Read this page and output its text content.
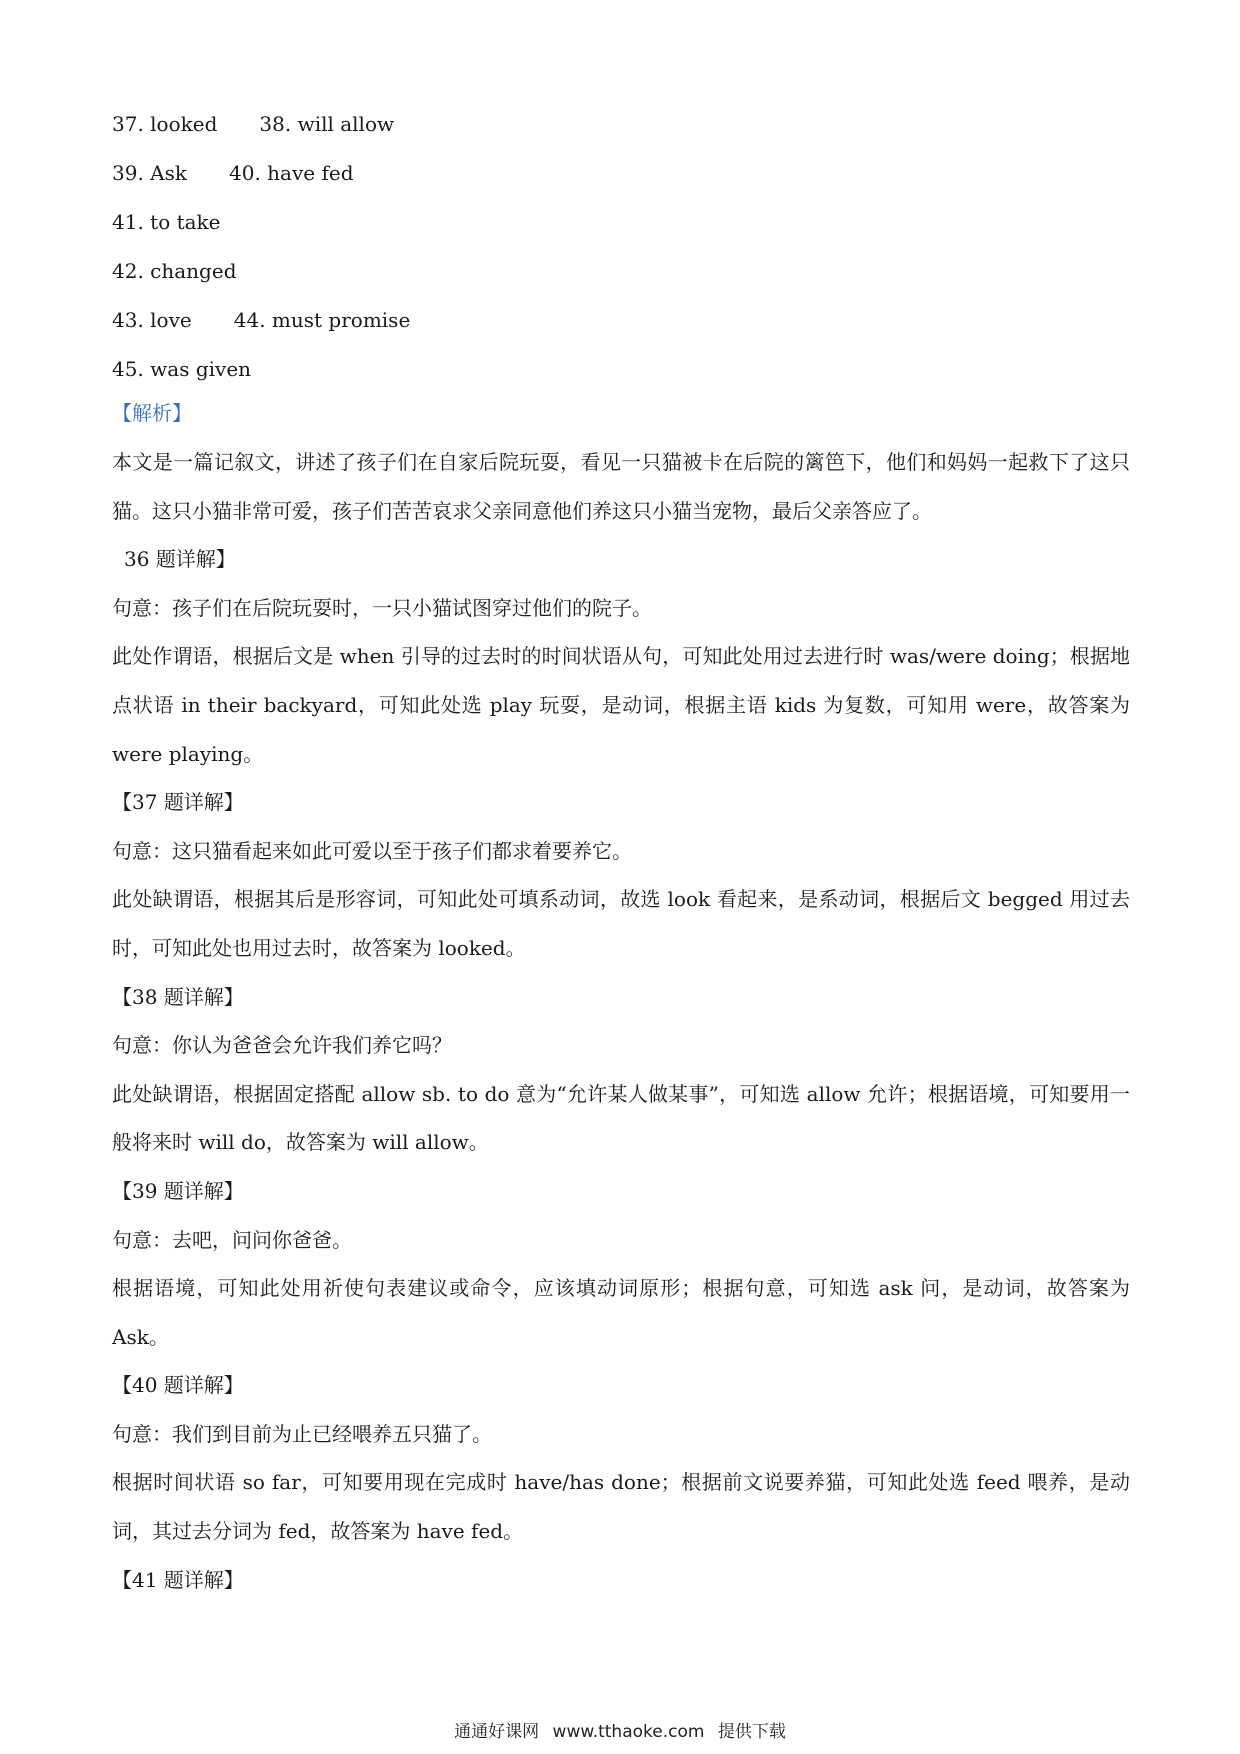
37. looked 38. will allow
39. Ask 40. have fed
41. to take
42. changed
43. love 44. must promise
45. was given
【解析】

本文是一篇记叙文，讲述了孩子们在自家后院玩耍，看见一只猫被卡在后院的篱笆下，他们和妈妈一起救下了这只猫。这只小猫非常可爱，孩子们苦苦哀求父亲同意他们养这只小猫当宠物，最后父亲答应了。

36 题详解】

句意：孩子们在后院玩耍时，一只小猫试图穿过他们的院子。

此处作谓语，根据后文是 when 引导的过去时的时间状语从句，可知此处用过去进行时 was/were doing；根据地点状语 in their backyard，可知此处选 play 玩耍，是动词，根据主语 kids 为复数，可知用 were，故答案为 were playing。

【37 题详解】

句意：这只猫看起来如此可爱以至于孩子们都求着要养它。

此处缺谓语，根据其后是形容词，可知此处可填系动词，故选 look 看起来，是系动词，根据后文 begged 用过去时，可知此处也用过去时，故答案为 looked。

【38 题详解】

句意：你认为爸爸会允许我们养它吗？

此处缺谓语，根据固定搭配 allow sb. to do 意为“允许某人做某事”，可知选 allow 允许；根据语境，可知要用一般将来时 will do，故答案为 will allow。

【39 题详解】

句意：去吧，问问你爸爸。

根据语境，可知此处用祈使句表建议或命令，应该填动词原形；根据句意，可知选 ask 问，是动词，故答案为 Ask。

【40 题详解】

句意：我们到目前为止已经喂养五只猫了。

根据时间状语 so far，可知要用现在完成时 have/has done；根据前文说要养猫，可知此处选 feed 喂养，是动词，其过去分词为 fed，故答案为 have fed。

【41 题详解】

通通好课网 www.tthaoke.com 提供下载
